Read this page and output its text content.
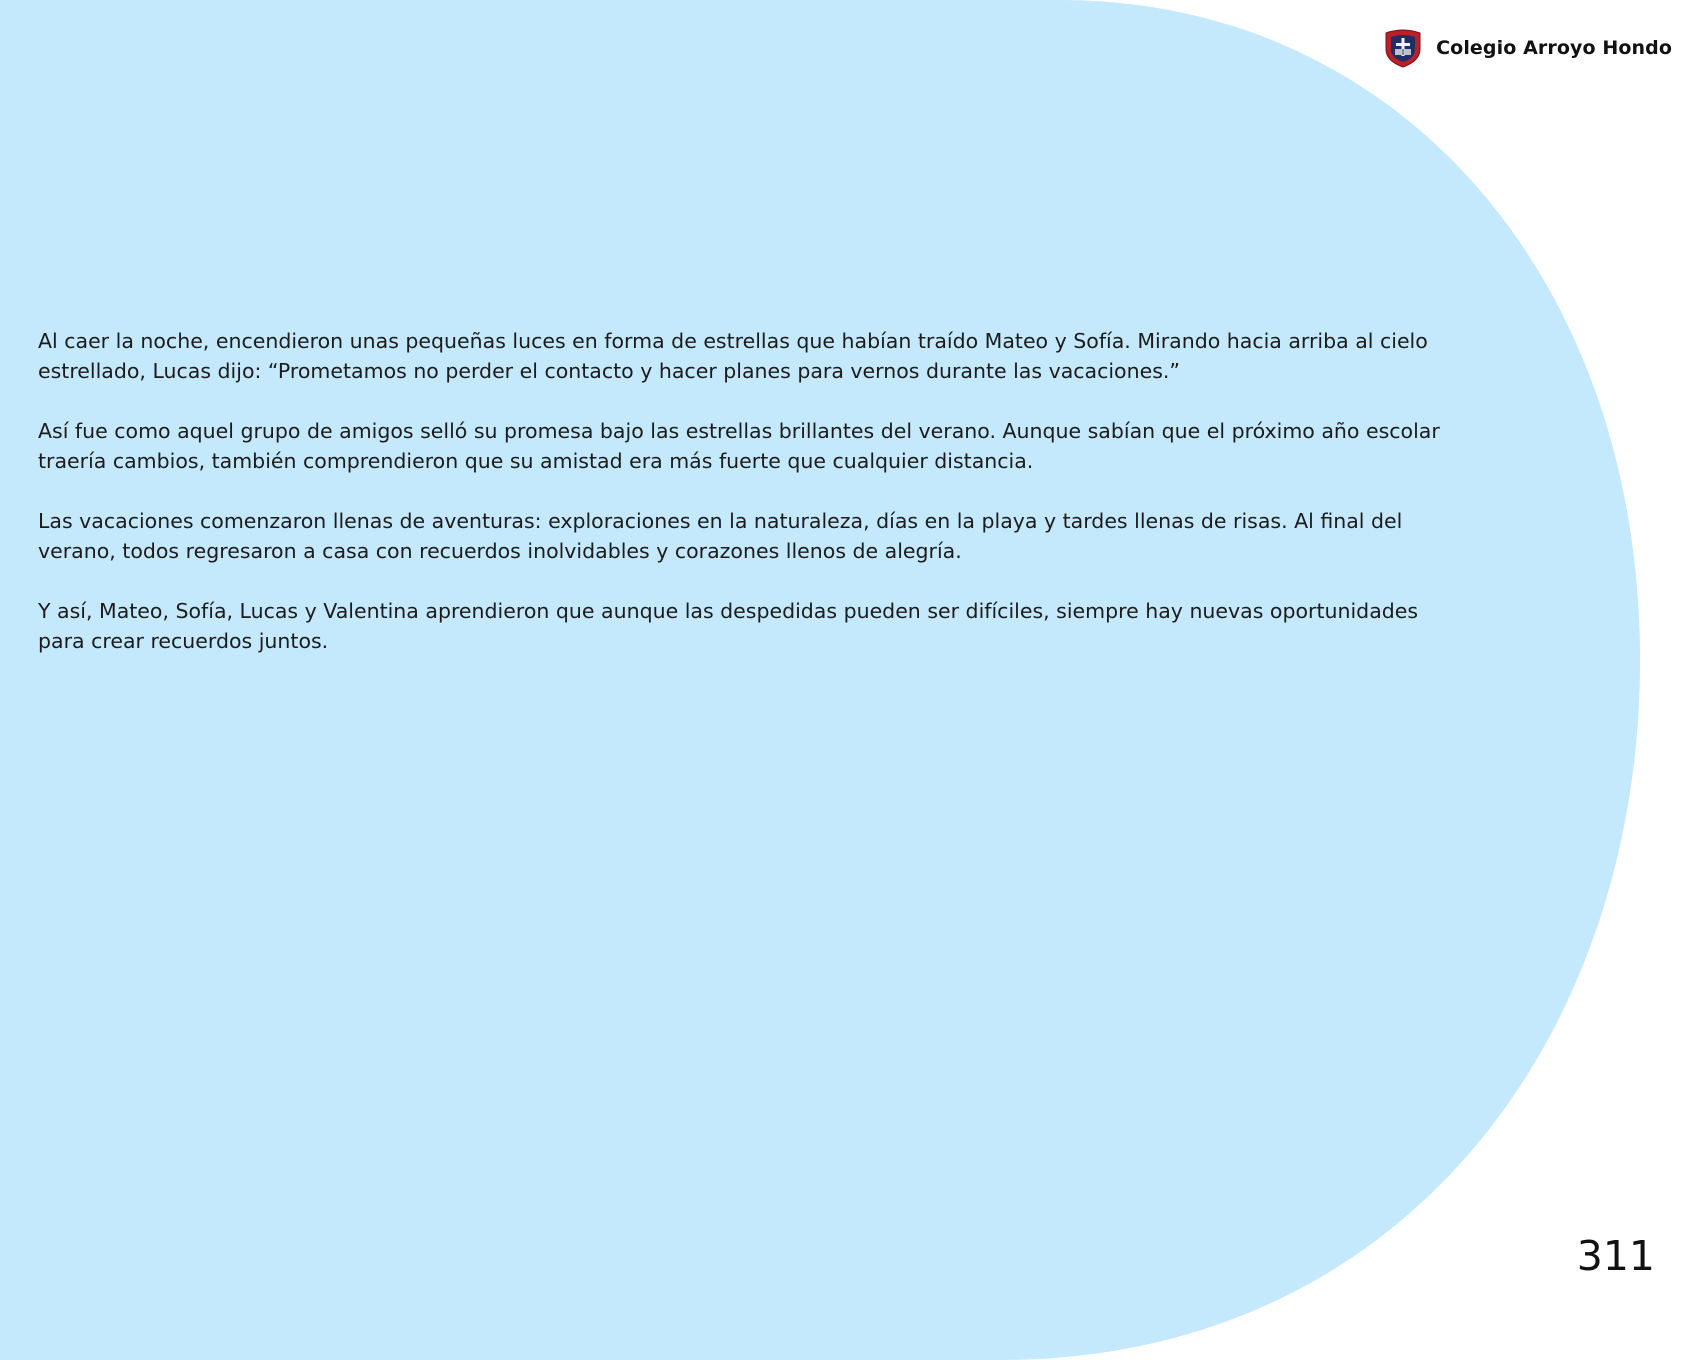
Colegio Arroyo Hondo

Al caer la noche, encendieron unas pequeñas luces en forma de estrellas que habían traído Mateo y Sofía. Mirando hacia arriba al cielo estrellado, Lucas dijo: “Prometamos no perder el contacto y hacer planes para vernos durante las vacaciones.”

Así fue como aquel grupo de amigos selló su promesa bajo las estrellas brillantes del verano. Aunque sabían que el próximo año escolar traería cambios, también comprendieron que su amistad era más fuerte que cualquier distancia.

Las vacaciones comenzaron llenas de aventuras: exploraciones en la naturaleza, días en la playa y tardes llenas de risas. Al final del verano, todos regresaron a casa con recuerdos inolvidables y corazones llenos de alegría.

Y así, Mateo, Sofía, Lucas y Valentina aprendieron que aunque las despedidas pueden ser difíciles, siempre hay nuevas oportunidades para crear recuerdos juntos.

311
